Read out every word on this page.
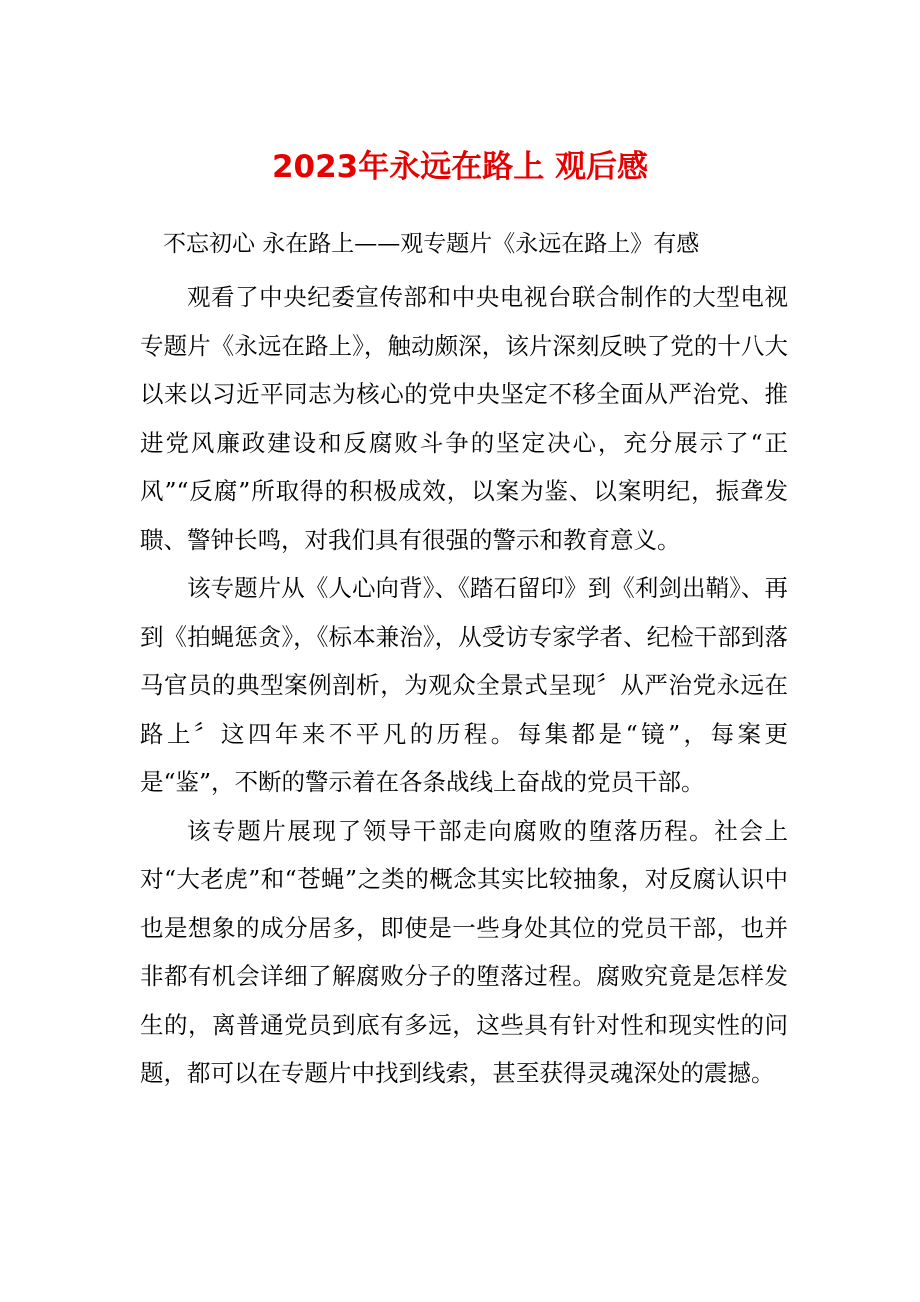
2023年永远在路上 观后感
不忘初心 永在路上——观专题片《永远在路上》有感

观看了中央纪委宣传部和中央电视台联合制作的大型电视专题片《永远在路上》，触动颇深，该片深刻反映了党的十八大以来以习近平同志为核心的党中央坚定不移全面从严治党、推进党风廉政建设和反腐败斗争的坚定决心，充分展示了“正风”“反腐”所取得的积极成效，以案为鉴、以案明纪，振聋发聩、警钟长鸣，对我们具有很强的警示和教育意义。

该专题片从《人心向背》、《踏石留印》到《利剑出鞘》、再到《拍蝇惩贪》，《标本兼治》，从受访专家学者、纪检干部到落马官员的典型案例剖析，为观众全景式呈现〞从严治党永远在路上〞这四年来不平凡的历程。每集都是“镜”，每案更是“鉴”，不断的警示着在各条战线上奋战的党员干部。

该专题片展现了领导干部走向腐败的堕落历程。社会上对“大老虎”和“苍蝇”之类的概念其实比较抽象，对反腐认识中也是想象的成分居多，即使是一些身处其位的党员干部，也并非都有机会详细了解腐败分子的堕落过程。腐败究竟是怎样发生的，离普通党员到底有多远，这些具有针对性和现实性的问题，都可以在专题片中找到线索，甚至获得灵魂深处的震撼。
